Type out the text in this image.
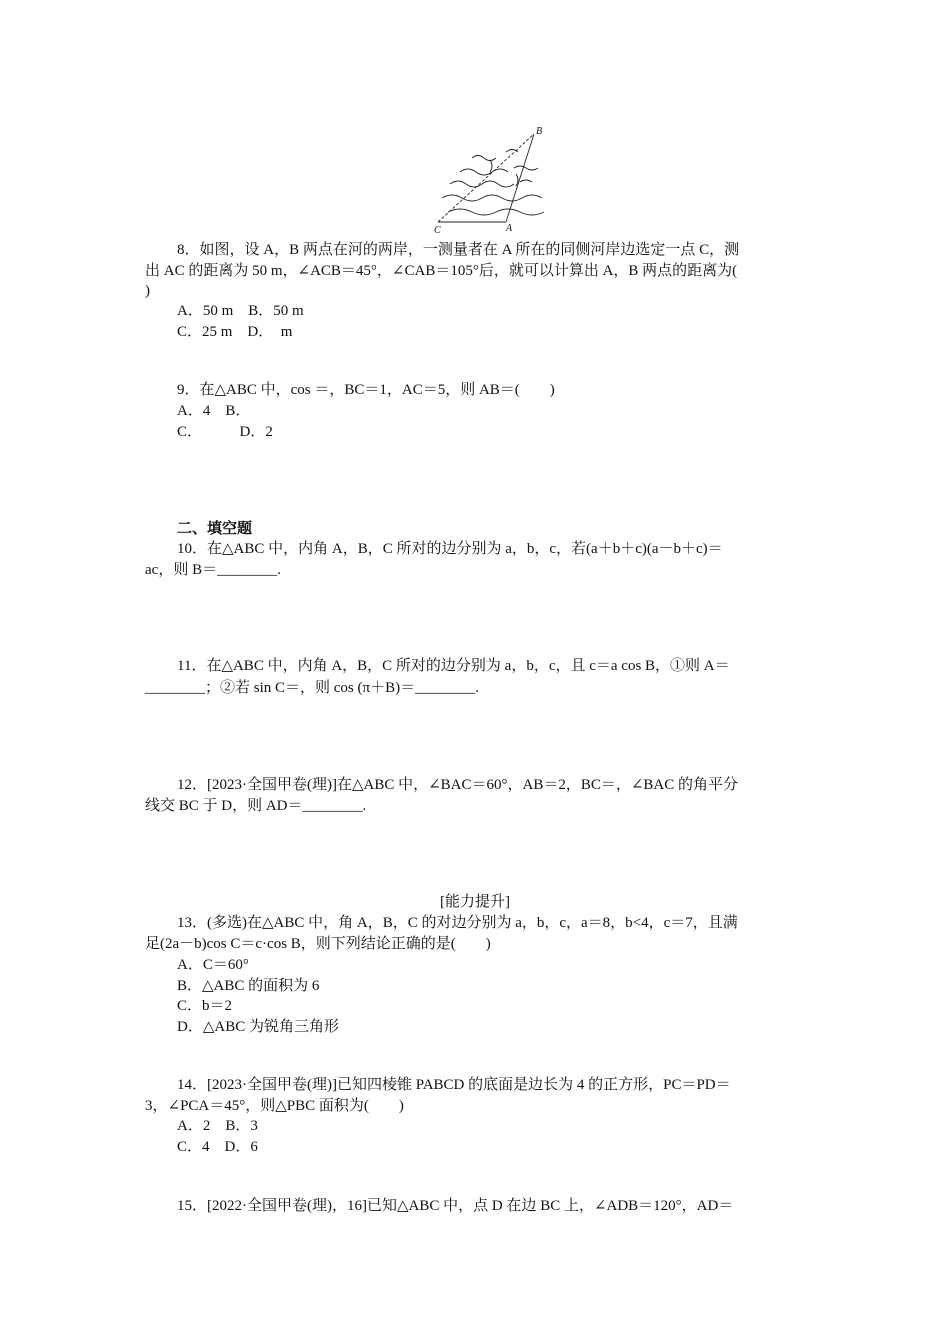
B
C	A
8．如图，设 A，B 两点在河的两岸，一测量者在 A 所在的同侧河岸边选定一点 C，测
出 AC 的距离为 50 m，∠ACB＝45°，∠CAB＝105°后，就可以计算出 A，B 两点的距离为(
)
A．50 m　B．50 m
C．25 m　D．　m
9．在△ABC 中，cos ＝，BC＝1，AC＝5，则 AB＝(　　)
A．4　B．
C．　　　D．2
二、填空题
10．在△ABC 中，内角 A，B，C 所对的边分别为 a，b，c，若(a＋b＋c)(a－b＋c)＝
ac，则 B＝________.
11．在△ABC 中，内角 A，B，C 所对的边分别为 a，b，c，且 c＝a cos B，①则 A＝
________；②若 sin C＝，则 cos (π＋B)＝________.
12．[2023·全国甲卷(理)]在△ABC 中，∠BAC＝60°，AB＝2，BC＝，∠BAC 的角平分
线交 BC 于 D，则 AD＝________.
[能力提升]
13．(多选)在△ABC 中，角 A，B，C 的对边分别为 a，b，c，a＝8，b<4，c＝7，且满
足(2a－b)cos C＝c·cos B，则下列结论正确的是(　　)
A．C＝60°
B．△ABC 的面积为 6
C．b＝2
D．△ABC 为锐角三角形
14．[2023·全国甲卷(理)]已知四棱锥 PABCD 的底面是边长为 4 的正方形，PC＝PD＝
3，∠PCA＝45°，则△PBC 面积为(　　)
A．2　B．3
C．4　D．6
15．[2022·全国甲卷(理)，16]已知△ABC 中，点 D 在边 BC 上，∠ADB＝120°，AD＝
